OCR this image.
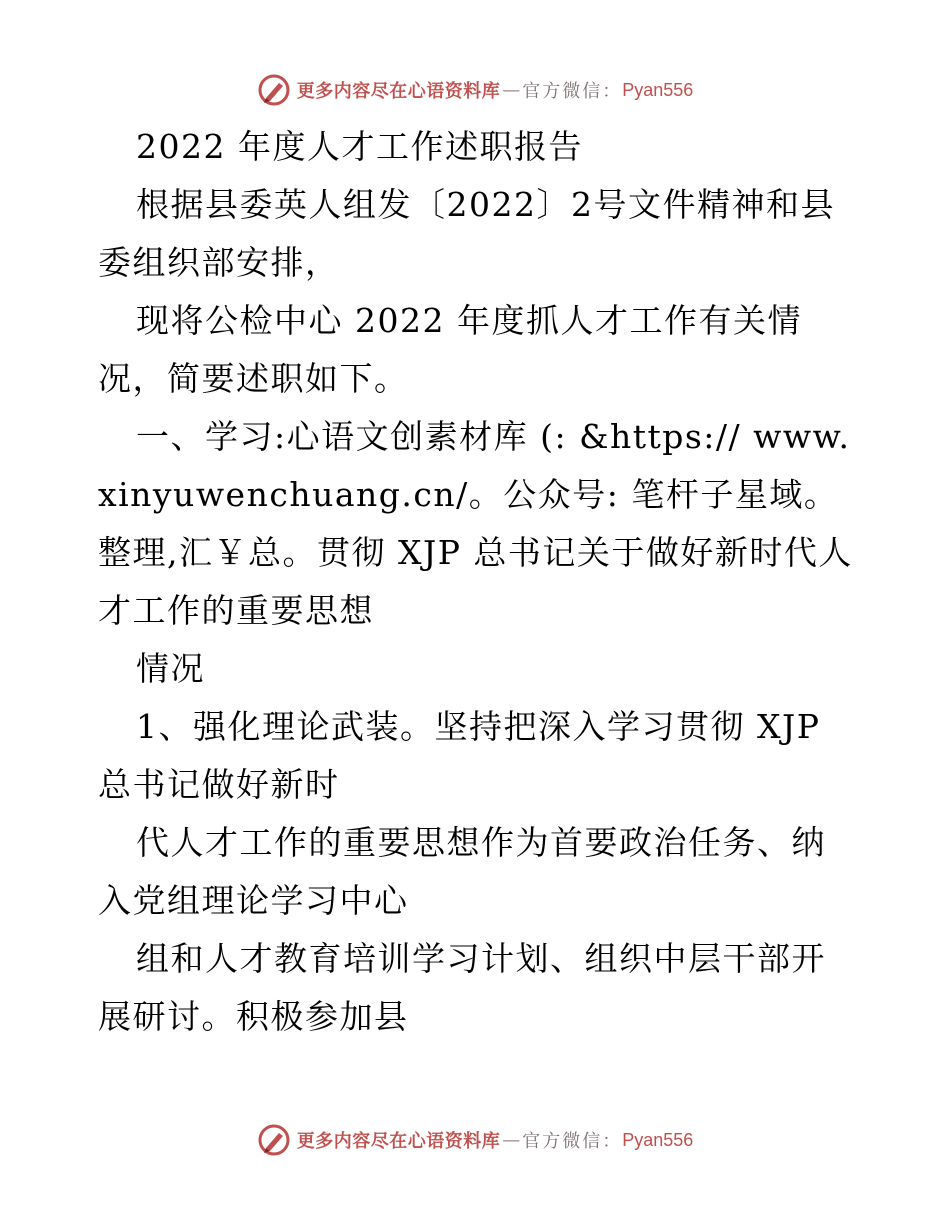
更多内容尽在心语资料库 — 官方微信： Pyan556

2022 年度人才工作述职报告

根据县委英人组发〔2022〕2号文件精神和县委组织部安排，

现将公检中心 2022 年度抓人才工作有关情况，简要述职如下。

一、学习:心语文创素材库 (: &https:// www.xinyuwenchuang.cn/。公众号: 笔杆子星域。整理,汇￥总。贯彻 XJP 总书记关于做好新时代人才工作的重要思想

情况

1、强化理论武装。坚持把深入学习贯彻 XJP 总书记做好新时

代人才工作的重要思想作为首要政治任务、纳入党组理论学习中心

组和人才教育培训学习计划、组织中层干部开展研讨。积极参加县

更多内容尽在心语资料库 — 官方微信： Pyan556
